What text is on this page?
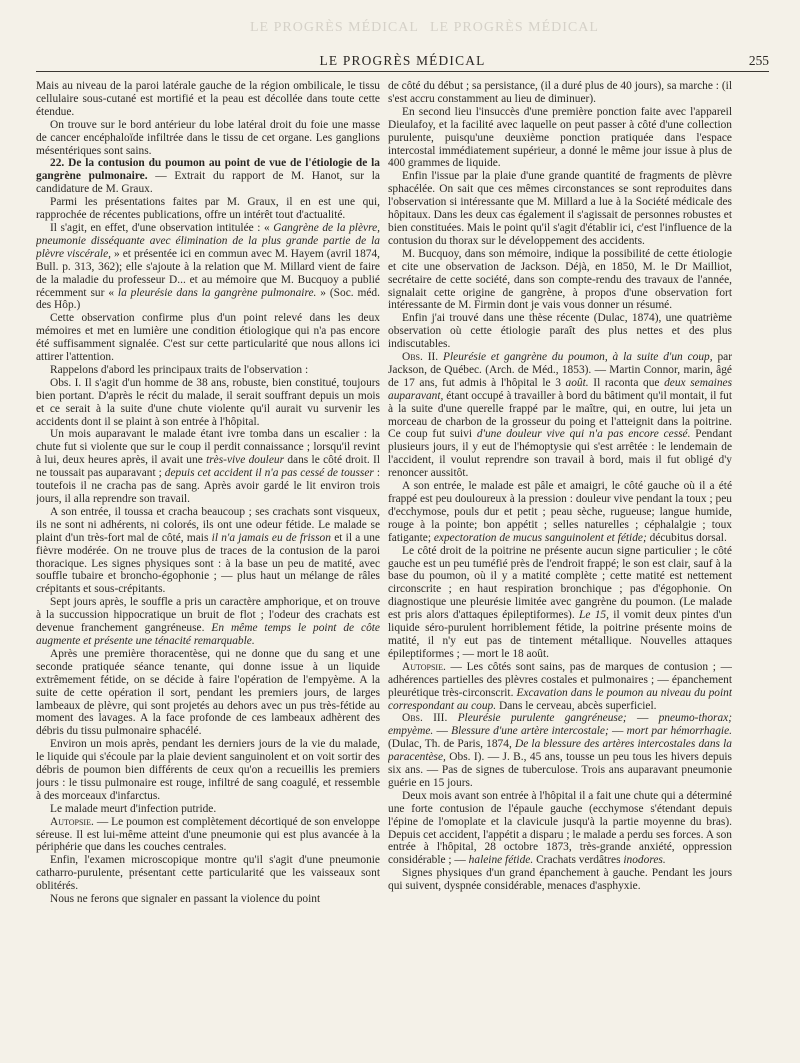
LE PROGRÈS MÉDICAL LE PROGRÈS MÉDICAL
LE PROGRÈS MÉDICAL	255

Mais au niveau de la paroi latérale gauche de la région ombilicale, le tissu cellulaire sous-cutané est mortifié et la peau est décollée dans toute cette étendue.

On trouve sur le bord antérieur du lobe latéral droit du foie une masse de cancer encéphaloïde infiltrée dans le tissu de cet organe. Les ganglions mésentériques sont sains.

22. De la contusion du poumon au point de vue de l'étiologie de la gangrène pulmonaire. — Extrait du rapport de M. Hanot, sur la candidature de M. Graux.

Parmi les présentations faites par M. Graux, il en est une qui, rapprochée de récentes publications, offre un intérêt tout d'actualité.

Il s'agit, en effet, d'une observation intitulée : « Gangrène de la plèvre, pneumonie disséquante avec élimination de la plus grande partie de la plèvre viscérale, » et présentée ici en commun avec M. Hayem (avril 1874, Bull. p. 313, 362); elle s'ajoute à la relation que M. Millard vient de faire de la maladie du professeur D... et au mémoire que M. Bucquoy a publié récemment sur « la pleurésie dans la gangrène pulmonaire. » (Soc. méd. des Hôp.)

Cette observation confirme plus d'un point relevé dans les deux mémoires et met en lumière une condition étiologique qui n'a pas encore été suffisamment signalée. C'est sur cette particularité que nous allons ici attirer l'attention.

Rappelons d'abord les principaux traits de l'observation :

Obs. I. Il s'agit d'un homme de 38 ans, robuste, bien constitué, toujours bien portant. D'après le récit du malade, il serait souffrant depuis un mois et ce serait à la suite d'une chute violente qu'il aurait vu survenir les accidents dont il se plaint à son entrée à l'hôpital.

Un mois auparavant le malade étant ivre tomba dans un escalier : la chute fut si violente que sur le coup il perdit connaissance ; lorsqu'il revint à lui, deux heures après, il avait une très-vive douleur dans le côté droit. Il ne toussait pas auparavant ; depuis cet accident il n'a pas cessé de tousser : toutefois il ne cracha pas de sang. Après avoir gardé le lit environ trois jours, il alla reprendre son travail.

A son entrée, il toussa et cracha beaucoup ; ses crachats sont visqueux, ils ne sont ni adhérents, ni colorés, ils ont une odeur fétide. Le malade se plaint d'un très-fort mal de côté, mais il n'a jamais eu de frisson et il a une fièvre modérée. On ne trouve plus de traces de la contusion de la paroi thoracique. Les signes physiques sont : à la base un peu de matité, avec souffle tubaire et broncho-égophonie ; — plus haut un mélange de râles crépitants et sous-crépitants.

Sept jours après, le souffle a pris un caractère amphorique, et on trouve à la succussion hippocratique un bruit de flot ; l'odeur des crachats est devenue franchement gangréneuse. En même temps le point de côte augmente et présente une ténacité remarquable.

Après une première thoracentèse, qui ne donne que du sang et une seconde pratiquée séance tenante, qui donne issue à un liquide extrêmement fétide, on se décide à faire l'opération de l'empyème. A la suite de cette opération il sort, pendant les premiers jours, de larges lambeaux de plèvre, qui sont projetés au dehors avec un pus très-fétide au moment des lavages. A la face profonde de ces lambeaux adhèrent des débris du tissu pulmonaire sphacélé.

Environ un mois après, pendant les derniers jours de la vie du malade, le liquide qui s'écoule par la plaie devient sanguinolent et on voit sortir des débris de poumon bien différents de ceux qu'on a recueillis les premiers jours : le tissu pulmonaire est rouge, infiltré de sang coagulé, et ressemble à des morceaux d'infarctus.

Le malade meurt d'infection putride.

Autopsie. — Le poumon est complètement décortiqué de son enveloppe séreuse. Il est lui-même atteint d'une pneumonie qui est plus avancée à la périphérie que dans les couches centrales.

Enfin, l'examen microscopique montre qu'il s'agit d'une pneumonie catharro-purulente, présentant cette particularité que les vaisseaux sont oblitérés.

Nous ne ferons que signaler en passant la violence du point

de côté du début ; sa persistance, (il a duré plus de 40 jours), sa marche : (il s'est accru constamment au lieu de diminuer).

En second lieu l'insuccès d'une première ponction faite avec l'appareil Dieulafoy, et la facilité avec laquelle on peut passer à côté d'une collection purulente, puisqu'une deuxième ponction pratiquée dans l'espace intercostal immédiatement supérieur, a donné le même jour issue à plus de 400 grammes de liquide.

Enfin l'issue par la plaie d'une grande quantité de fragments de plèvre sphacélée. On sait que ces mêmes circonstances se sont reproduites dans l'observation si intéressante que M. Millard a lue à la Société médicale des hôpitaux. Dans les deux cas également il s'agissait de personnes robustes et bien constituées. Mais le point qu'il s'agit d'établir ici, c'est l'influence de la contusion du thorax sur le développement des accidents.

M. Bucquoy, dans son mémoire, indique la possibilité de cette étiologie et cite une observation de Jackson. Déjà, en 1850, M. le Dr Mailliot, secrétaire de cette société, dans son compte-rendu des travaux de l'année, signalait cette origine de gangrène, à propos d'une observation fort intéressante de M. Firmin dont je vais vous donner un résumé.

Enfin j'ai trouvé dans une thèse récente (Dulac, 1874), une quatrième observation où cette étiologie paraît des plus nettes et des plus indiscutables.

Obs. II. Pleurésie et gangrène du poumon, à la suite d'un coup, par Jackson, de Québec. (Arch. de Méd., 1853). — Martin Connor, marin, âgé de 17 ans, fut admis à l'hôpital le 3 août. Il raconta que deux semaines auparavant, étant occupé à travailler à bord du bâtiment qu'il montait, il fut à la suite d'une querelle frappé par le maître, qui, en outre, lui jeta un morceau de charbon de la grosseur du poing et l'atteignit dans la poitrine. Ce coup fut suivi d'une douleur vive qui n'a pas encore cessé. Pendant plusieurs jours, il y eut de l'hémoptysie qui s'est arrêtée : le lendemain de l'accident, il voulut reprendre son travail à bord, mais il fut obligé d'y renoncer aussitôt.

A son entrée, le malade est pâle et amaigri, le côté gauche où il a été frappé est peu douloureux à la pression : douleur vive pendant la toux ; peu d'ecchymose, pouls dur et petit ; peau sèche, rugueuse; langue humide, rouge à la pointe; bon appétit ; selles naturelles ; céphalalgie ; toux fatigante; expectoration de mucus sanguinolent et fétide; décubitus dorsal.

Le côté droit de la poitrine ne présente aucun signe particulier ; le côté gauche est un peu tuméfié près de l'endroit frappé; le son est clair, sauf à la base du poumon, où il y a matité complète ; cette matité est nettement circonscrite ; en haut respiration bronchique ; pas d'égophonie. On diagnostique une pleurésie limitée avec gangrène du poumon. (Le malade est pris alors d'attaques épileptiformes). Le 15, il vomit deux pintes d'un liquide séro-purulent horriblement fétide, la poitrine présente moins de matité, il n'y eut pas de tintement métallique. Nouvelles attaques épileptiformes ; — mort le 18 août.

Autopsie. — Les côtés sont sains, pas de marques de contusion ; — adhérences partielles des plèvres costales et pulmonaires ; — épanchement pleurétique très-circonscrit. Excavation dans le poumon au niveau du point correspondant au coup. Dans le cerveau, abcès superficiel.

Obs. III. Pleurésie purulente gangréneuse; — pneumo-thorax; empyème. — Blessure d'une artère intercostale; — mort par hémorrhagie. (Dulac, Th. de Paris, 1874, De la blessure des artères intercostales dans la paracentèse, Obs. I). — J. B., 45 ans, tousse un peu tous les hivers depuis six ans. — Pas de signes de tuberculose. Trois ans auparavant pneumonie guérie en 15 jours.

Deux mois avant son entrée à l'hôpital il a fait une chute qui a déterminé une forte contusion de l'épaule gauche (ecchymose s'étendant depuis l'épine de l'omoplate et la clavicule jusqu'à la partie moyenne du bras). Depuis cet accident, l'appétit a disparu ; le malade a perdu ses forces. A son entrée à l'hôpital, 28 octobre 1873, très-grande anxiété, oppression considérable ; — haleine fétide. Crachats verdâtres inodores.

Signes physiques d'un grand épanchement à gauche. Pendant les jours qui suivent, dyspnée considérable, menaces d'asphyxie.
